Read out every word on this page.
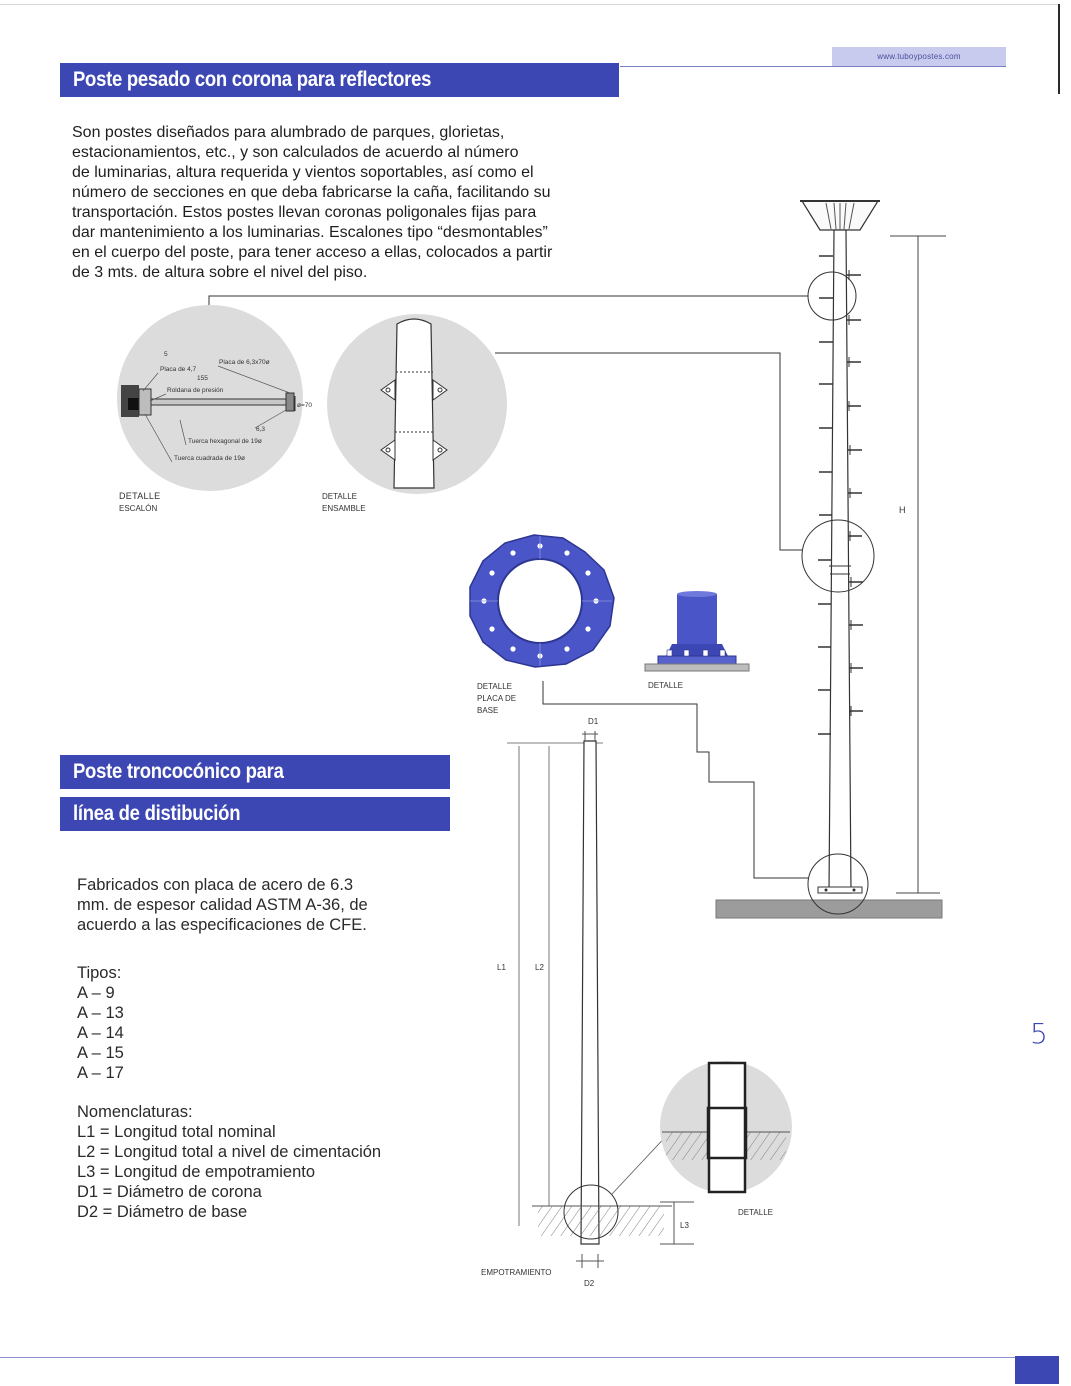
www.tuboypostes.com
Poste pesado con corona para reflectores
Son postes diseñados para alumbrado de parques, glorietas,
estacionamientos, etc., y son calculados de acuerdo al número
de luminarias, altura requerida y vientos soportables, así como el
número de secciones en que deba fabricarse la caña, facilitando su
transportación. Estos postes llevan coronas poligonales fijas para
dar mantenimiento a los luminarias. Escalones tipo “desmontables”
en el cuerpo del poste, para tener acceso a ellas, colocados a partir
de 3 mts. de altura sobre el nivel del piso.
H
5
Placa de 4,7
Placa de 6,3x70ø
155
Roldana de presión
ø=70
6,3
Tuerca hexagonal de 19ø
Tuerca cuadrada de 19ø
DETALLE
ESCALÓN
DETALLE
ENSAMBLE
DETALLE
PLACA DE
BASE
DETALLE
D1
L1	L2
L3
D2
EMPOTRAMIENTO
DETALLE
Poste troncocónico para
línea de distibución
Fabricados con placa de acero de 6.3
mm. de espesor calidad ASTM A-36, de
acuerdo a las especificaciones de CFE.
Tipos:
A – 9
A – 13
A – 14
A – 15
A – 17
Nomenclaturas:
L1 = Longitud total nominal
L2 = Longitud total a nivel de cimentación
L3 = Longitud de empotramiento
D1 = Diámetro de corona
D2 = Diámetro de base
5
